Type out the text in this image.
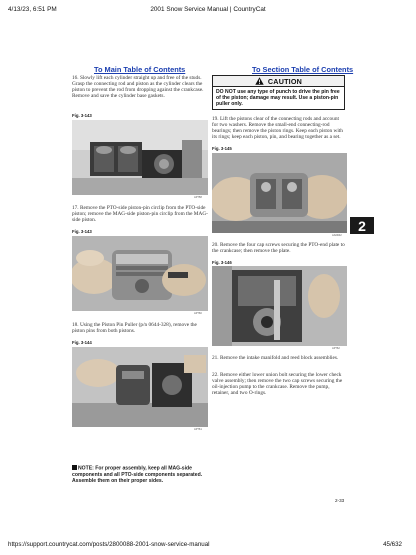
4/13/23, 6:51 PM	2001 Snow Service Manual | CountryCat
To Main Table of Contents	To Section Table of Contents
16. Slowly lift each cylinder straight up and free of the studs. Grasp the connecting rod and piston as the cylinder clears the piston to prevent the rod from dropping against the crankcase. Remove and save the cylinder base gaskets.
Fig. 3-143
AP758
17. Remove the PTO-side piston-pin circlip from the PTO-side piston; remove the MAG-side piston-pin circlip from the MAG-side piston.
Fig. 3-143
AP760
18. Using the Piston Pin Puller (p/n 0644-328), remove the piston pins from both pistons.
Fig. 3-144
AP761
NOTE: For proper assembly, keep all MAG-side components and all PTO-side components separated. Assemble them on their proper sides.
CAUTION
DO NOT use any type of punch to drive the pin free of the piston; damage may result. Use a piston-pin puller only.
19. Lift the pistons clear of the connecting rods and account for two washers. Remove the small-end connecting-rod bearings; then remove the piston rings. Keep each piston with its rings; keep each piston, pin, and bearing together as a set.
Fig. 3-145
AA0R42
2
20. Remove the four cap screws securing the PTO-end plate to the crankcase; then remove the plate.
Fig. 3-146
AP762
21. Remove the intake manifold and reed block assemblies.
22. Remove either lower union bolt securing the lower check valve assembly; then remove the two cap screws securing the oil-injection pump to the crankcase. Remove the pump, retainer, and two O-rings.
2-33
https://support.countrycat.com/posts/2800088-2001-snow-service-manual	45/632
